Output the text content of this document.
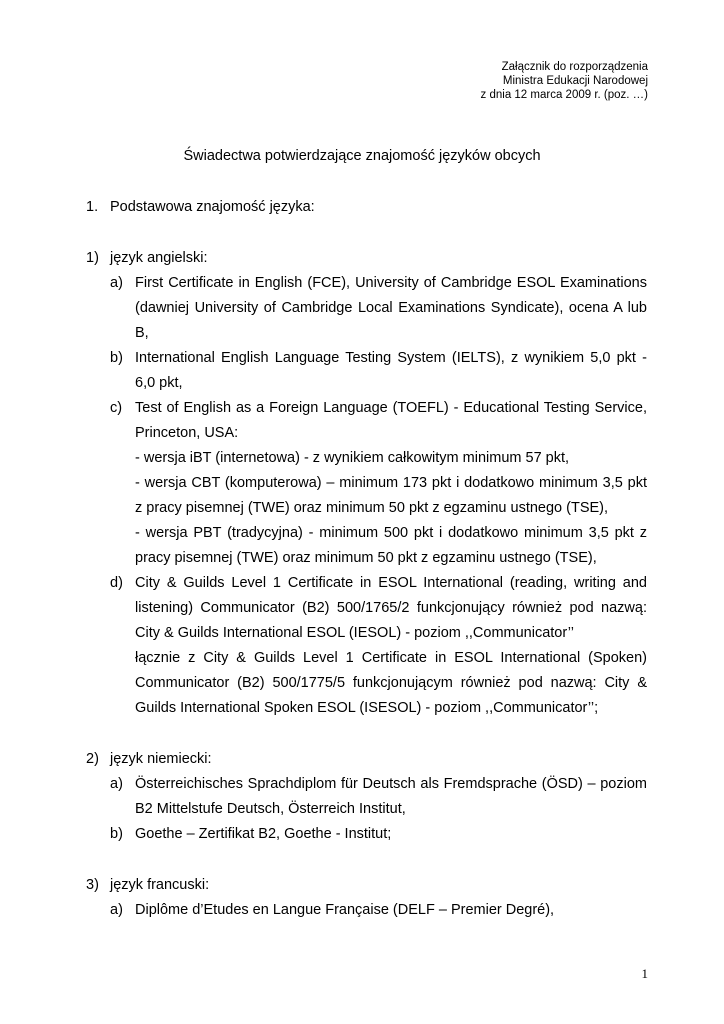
Załącznik do rozporządzenia
Ministra Edukacji Narodowej
z dnia 12 marca 2009 r. (poz. …)
Świadectwa potwierdzające znajomość języków obcych
1. Podstawowa znajomość języka:
1) język angielski:
a) First Certificate in English (FCE), University of Cambridge ESOL Examinations
(dawniej University of Cambridge Local Examinations Syndicate), ocena A lub
B,
b) International English Language Testing System (IELTS), z wynikiem 5,0 pkt -
6,0 pkt,
c) Test of English as a Foreign Language (TOEFL) - Educational Testing Service,
Princeton, USA:
- wersja iBT (internetowa) - z wynikiem całkowitym minimum 57 pkt,
- wersja CBT (komputerowa) – minimum 173 pkt i dodatkowo minimum 3,5 pkt
z pracy pisemnej (TWE) oraz minimum 50 pkt z egzaminu ustnego (TSE),
- wersja PBT (tradycyjna) - minimum 500 pkt i dodatkowo minimum 3,5 pkt z
pracy pisemnej (TWE) oraz minimum 50 pkt z egzaminu ustnego (TSE),
d) City & Guilds Level 1 Certificate in ESOL International (reading, writing and
listening) Communicator (B2) 500/1765/2 funkcjonujący również pod nazwą:
City & Guilds International ESOL (IESOL) - poziom ,,Communicator’’
łącznie z City & Guilds Level 1 Certificate in ESOL International (Spoken)
Communicator (B2) 500/1775/5 funkcjonującym również pod nazwą: City &
Guilds International Spoken ESOL (ISESOL) - poziom ,,Communicator’’;
2) język niemiecki:
a) Österreichisches Sprachdiplom für Deutsch als Fremdsprache (ÖSD) – poziom
B2 Mittelstufe Deutsch, Österreich Institut,
b) Goethe – Zertifikat B2, Goethe - Institut;
3) język francuski:
a) Diplôme d’Etudes en Langue Française (DELF – Premier Degré),
1
